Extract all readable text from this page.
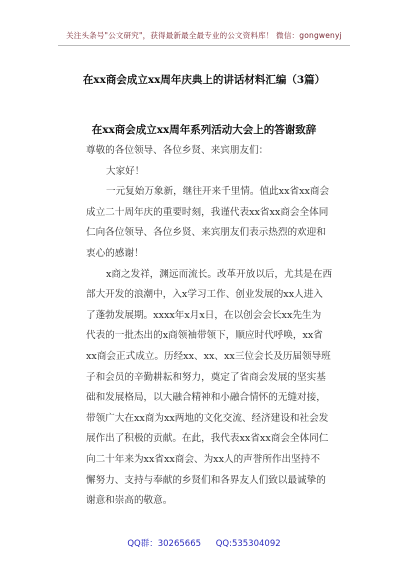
关注头条号"公文研究"，获得最新最全最专业的公文资料库！ 微信：gongwenyj
在xx商会成立xx周年庆典上的讲话材料汇编（3篇）
在xx商会成立xx周年系列活动大会上的答谢致辞

尊敬的各位领导、各位乡贤、来宾朋友们：

大家好！

一元复始万象新，继往开来千里情。值此xx省xx商会

成立二十周年庆的重要时刻，我谨代表xx省xx商会全体同

仁向各位领导、各位乡贤、来宾朋友们表示热烈的欢迎和

衷心的感谢！

x商之发祥，渊远而流长。改革开放以后，尤其是在西

部大开发的浪潮中，入x学习工作、创业发展的xx人进入

了蓬勃发展期。xxxx年x月x日，在以创会会长xx先生为

代表的一批杰出的x商领袖带领下，顺应时代呼唤，xx省

xx商会正式成立。历经xx、xx、xx三位会长及历届领导班

子和会员的辛勤耕耘和努力，奠定了省商会发展的坚实基

础和发展格局，以大融合精神和小融合情怀的无缝对接，

带领广大在xx商为xx两地的文化交流、经济建设和社会发

展作出了积极的贡献。在此，我代表xx省xx商会全体同仁

向二十年来为xx省xx商会、为xx人的声誉所作出坚持不

懈努力、支持与奉献的乡贤们和各界友人们致以最诚挚的

谢意和崇高的敬意。

QQ群：30265665 QQ:535304092
